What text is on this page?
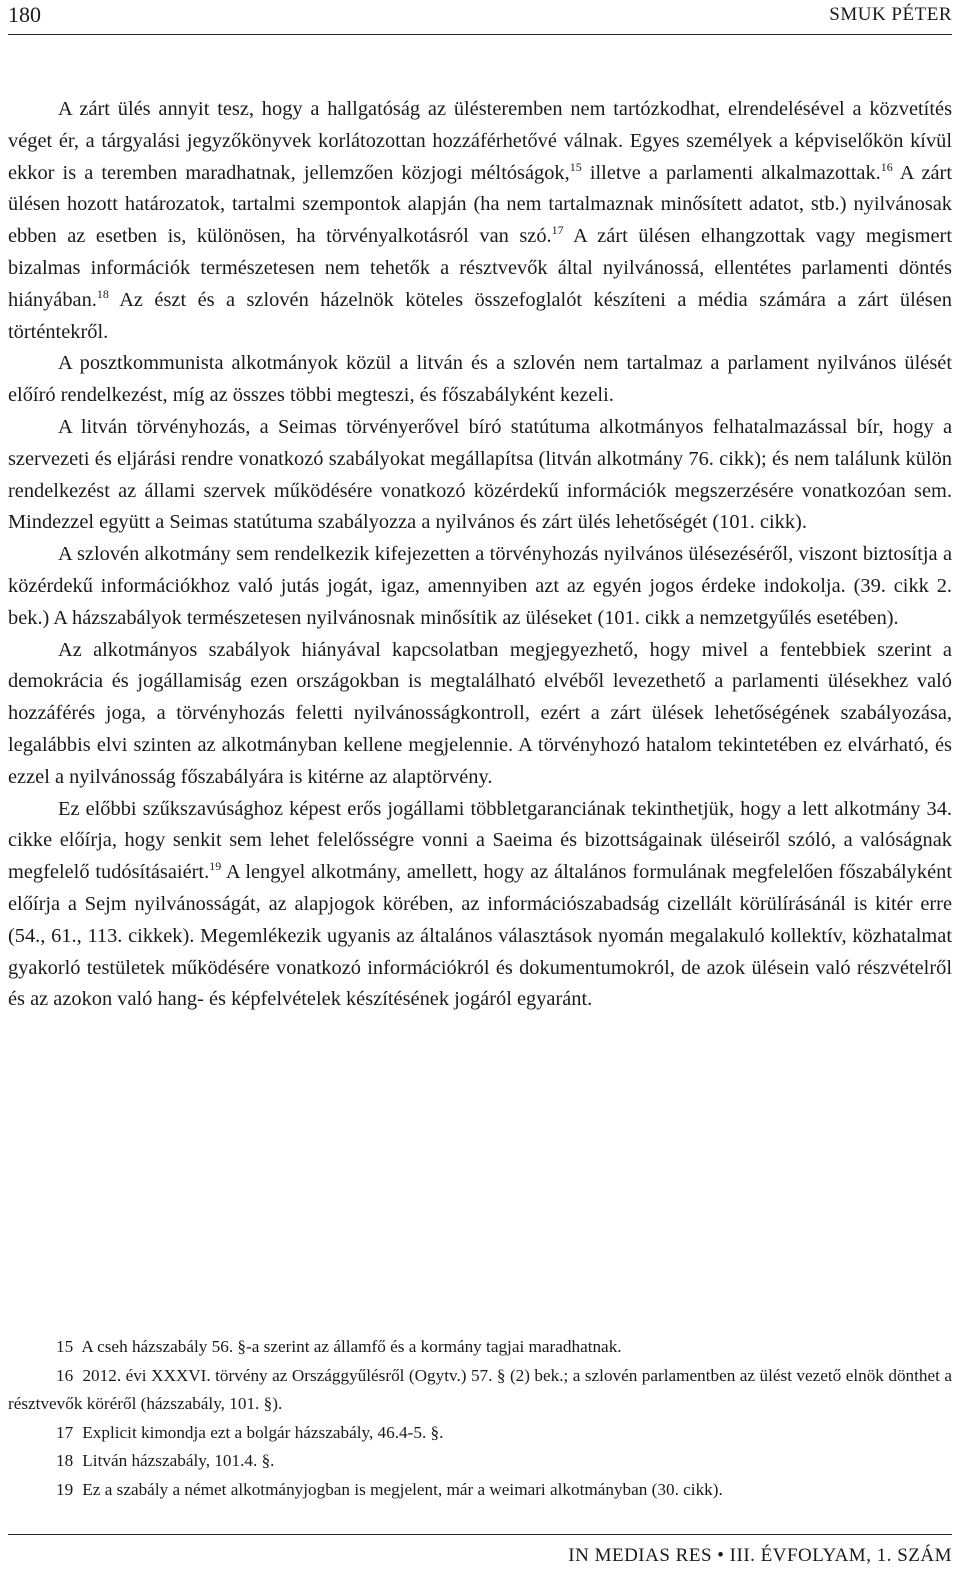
180	SMUK PÉTER

A zárt ülés annyit tesz, hogy a hallgatóság az ülésteremben nem tartózkodhat, elrendelésével a közvetítés véget ér, a tárgyalási jegyzőkönyvek korlátozottan hozzáférhetővé válnak. Egyes személyek a képviselőkön kívül ekkor is a teremben maradhatnak, jellemzően közjogi méltóságok,$^{15}$ illetve a parlamenti alkalmazottak.$^{16}$ A zárt ülésen hozott határozatok, tartalmi szempontok alapján (ha nem tartalmaznak minősített adatot, stb.) nyilvánosak ebben az esetben is, különösen, ha törvényalkotásról van szó.$^{17}$ A zárt ülésen elhangzottak vagy megismert bizalmas információk természetesen nem tehetők a résztvevők által nyilvánossá, ellentétes parlamenti döntés hiányában.$^{18}$ Az észt és a szlovén házelnök köteles összefoglalót készíteni a média számára a zárt ülésen történtekről.

A posztkommunista alkotmányok közül a litván és a szlovén nem tartalmaz a parlament nyilvános ülését előíró rendelkezést, míg az összes többi megteszi, és főszabályként kezeli.

A litván törvényhozás, a Seimas törvényerővel bíró statútuma alkotmányos felhatalmazással bír, hogy a szervezeti és eljárási rendre vonatkozó szabályokat megállapítsa (litván alkotmány 76. cikk); és nem találunk külön rendelkezést az állami szervek működésére vonatkozó közérdekű információk megszerzésére vonatkozóan sem. Mindezzel együtt a Seimas statútuma szabályozza a nyilvános és zárt ülés lehetőségét (101. cikk).

A szlovén alkotmány sem rendelkezik kifejezetten a törvényhozás nyilvános ülésezéséről, viszont biztosítja a közérdekű információkhoz való jutás jogát, igaz, amennyiben azt az egyén jogos érdeke indokolja. (39. cikk 2. bek.) A házszabályok természetesen nyilvánosnak minősítik az üléseket (101. cikk a nemzetgyűlés esetében).

Az alkotmányos szabályok hiányával kapcsolatban megjegyezhető, hogy mivel a fentebbiek szerint a demokrácia és jogállamiság ezen országokban is megtalálható elvéből levezethető a parlamenti ülésekhez való hozzáférés joga, a törvényhozás feletti nyilvánosságkontroll, ezért a zárt ülések lehetőségének szabályozása, legalábbis elvi szinten az alkotmányban kellene megjelennie. A törvényhozó hatalom tekintetében ez elvárható, és ezzel a nyilvánosság főszabályára is kitérne az alaptörvény.

Ez előbbi szűkszavúsághoz képest erős jogállami többletgaranciának tekinthetjük, hogy a lett alkotmány 34. cikke előírja, hogy senkit sem lehet felelősségre vonni a Saeima és bizottságainak üléseiről szóló, a valóságnak megfelelő tudósításaiért.$^{19}$ A lengyel alkotmány, amellett, hogy az általános formulának megfelelően főszabályként előírja a Sejm nyilvánosságát, az alapjogok körében, az információszabadság cizellált körülírásánál is kitér erre (54., 61., 113. cikkek). Megemlékezik ugyanis az általános választások nyomán megalakuló kollektív, közhatalmat gyakorló testületek működésére vonatkozó információkról és dokumentumokról, de azok ülésein való részvételről és az azokon való hang- és képfelvételek készítésének jogáról egyaránt.

15 A cseh házszabály 56. §-a szerint az államfő és a kormány tagjai maradhatnak.

16 2012. évi XXXVI. törvény az Országgyűlésről (Ogytv.) 57. § (2) bek.; a szlovén parlamentben az ülést vezető elnök dönthet a résztvevők köréről (házszabály, 101. §).

17 Explicit kimondja ezt a bolgár házszabály, 46.4-5. §.

18 Litván házszabály, 101.4. §.

19 Ez a szabály a német alkotmányjogban is megjelent, már a weimari alkotmányban (30. cikk).

IN MEDIAS RES • III. ÉVFOLYAM, 1. SZÁM
